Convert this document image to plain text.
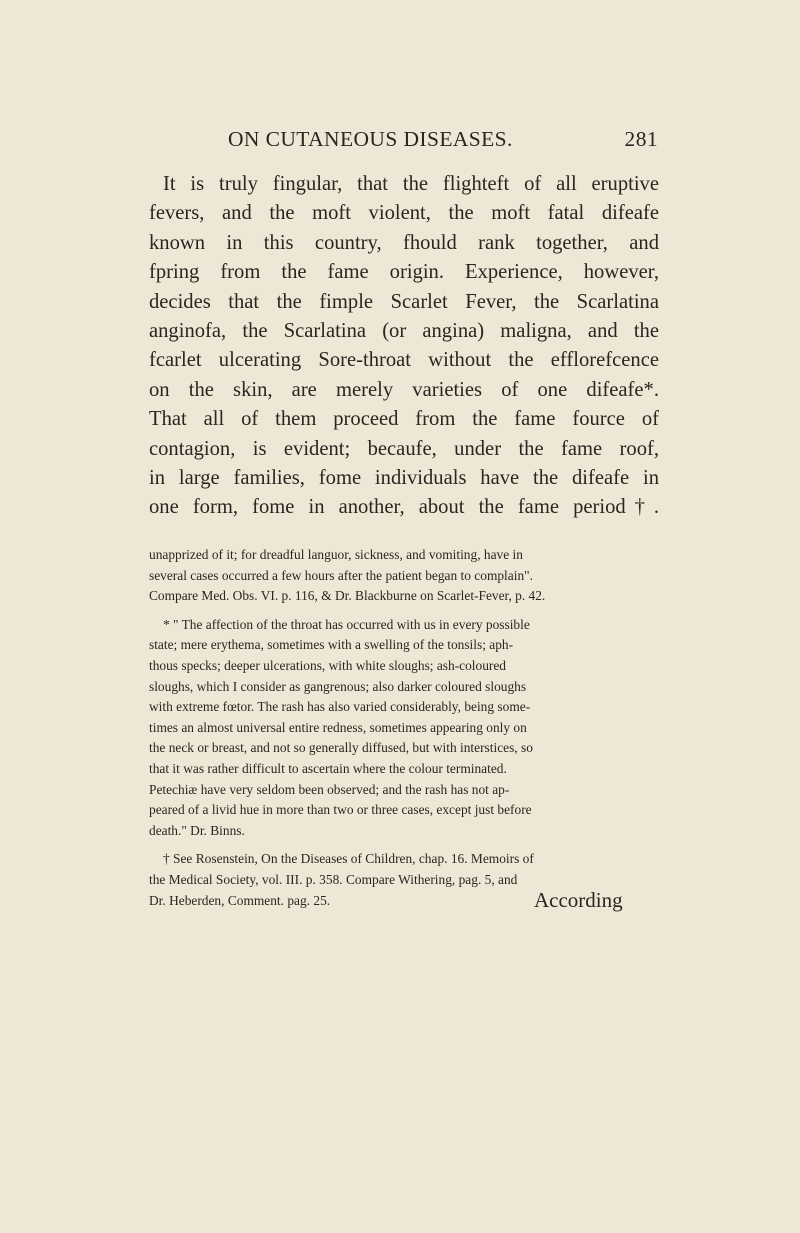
ON CUTANEOUS DISEASES.	281

It is truly fingular, that the flighteft of all eruptive

fevers, and the moft violent, the moft fatal difeafe

known in this country, fhould rank together, and

fpring from the fame origin. Experience, however,

decides that the fimple Scarlet Fever, the Scarlatina

anginofa, the Scarlatina (or angina) maligna, and the

fcarlet ulcerating Sore-throat without the efflorefcence

on the skin, are merely varieties of one difeafe*.

That all of them proceed from the fame fource of

contagion, is evident; becaufe, under the fame roof,

in large families, fome individuals have the difeafe in

one form, fome in another, about the fame period†.

unapprized of it; for dreadful languor, sickness, and vomiting, have in

several cases occurred a few hours after the patient began to complain".

Compare Med. Obs. VI. p. 116, & Dr. Blackburne on Scarlet-Fever, p. 42.

* " The affection of the throat has occurred with us in every possible

state; mere erythema, sometimes with a swelling of the tonsils; aph-

thous specks; deeper ulcerations, with white sloughs; ash-coloured

sloughs, which I consider as gangrenous; also darker coloured sloughs

with extreme fœtor. The rash has also varied considerably, being some-

times an almost universal entire redness, sometimes appearing only on

the neck or breast, and not so generally diffused, but with interstices, so

that it was rather difficult to ascertain where the colour terminated.

Petechiæ have very seldom been observed; and the rash has not ap-

peared of a livid hue in more than two or three cases, except just before

death." Dr. Binns.

† See Rosenstein, On the Diseases of Children, chap. 16. Memoirs of

the Medical Society, vol. III. p. 358. Compare Withering, pag. 5, and

Dr. Heberden, Comment. pag. 25.	According
